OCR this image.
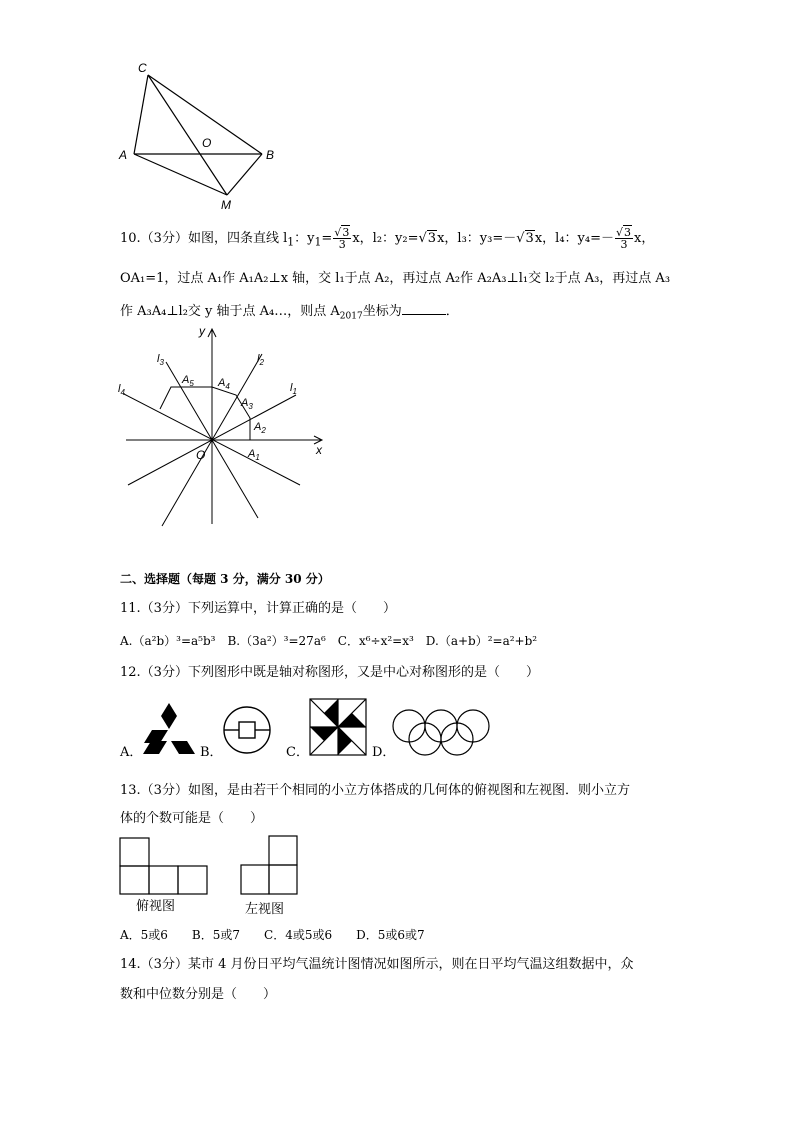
C
A
O
B
M
10.（3分）如图，四条直线 $l_1$：$y_1= \frac{√3}{3}$ x，l₂：y₂=√3x，l₃：y₃=－√3x，l₄：$y_4=- \frac{√3}{3}$ x，
OA₁=1，过点 A₁作 A₁A₂⊥x 轴，交 l₁于点 A₂，再过点 A₂作 A₂A₃⊥l₁交 l₂于点 A₃，再过点 A₃
作 A₃A₄⊥l₂交 y 轴于点 A₄…，则点 $A_{2017}$坐标为	．
y
x
O
$l_1$
$l_2$
$l_3$
$l_4$
$A_1$
$A_2$
$A_3$
$A_4$
$A_5$
二、选择题（每题 3 分，满分 30 分）
11.（3分）下列运算中，计算正确的是（　　）
A.（a²b）³=a⁵b³　B.（3a²）³=27a⁶　C．x⁶÷x²=x³　D.（a+b）²=a²+b²
12.（3分）下列图形中既是轴对称图形，又是中心对称图形的是（　　）
A．	B．	C．	D．
13.（3分）如图，是由若干个相同的小立方体搭成的几何体的俯视图和左视图．则小立方
体的个数可能是（　　）
俯视图	左视图
A．5或6　　B．5或7　　C．4或5或6　　D．5或6或7
14.（3分）某市 4 月份日平均气温统计图情况如图所示，则在日平均气温这组数据中，众
数和中位数分别是（　　）
